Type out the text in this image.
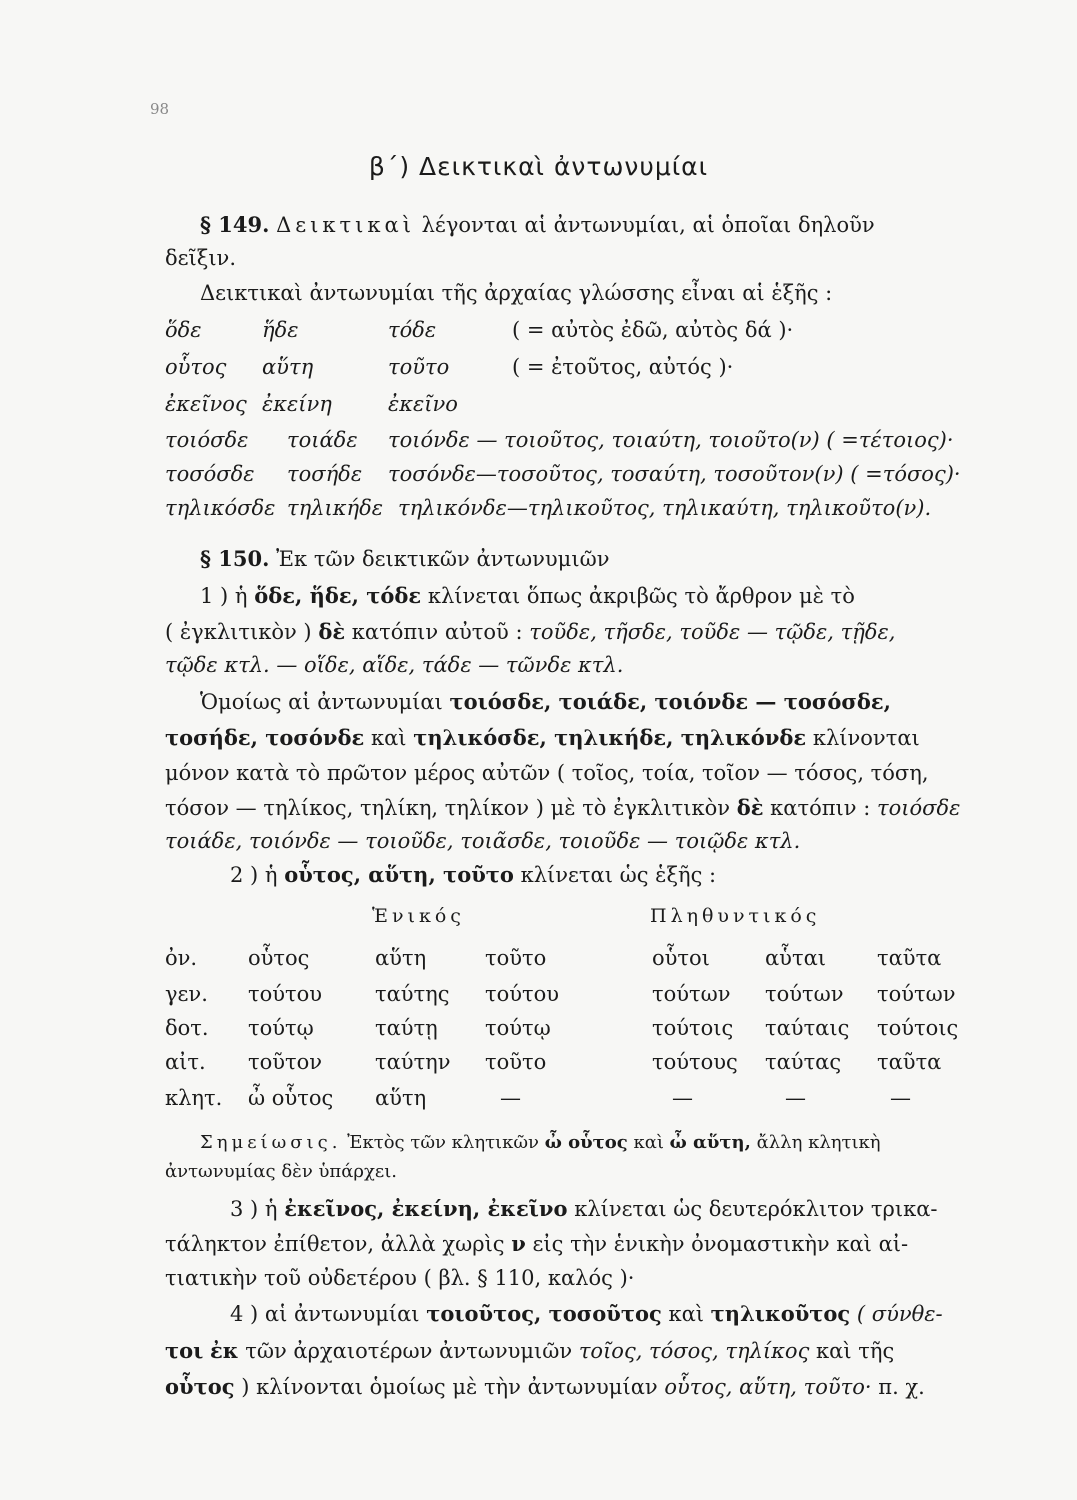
98
β΄) Δεικτικαὶ ἀντωνυμίαι
§ 149. Δεικτικαὶ λέγονται αἱ ἀντωνυμίαι, αἱ ὁποῖαι δηλοῦν
δεῖξιν.
Δεικτικαὶ ἀντωνυμίαι τῆς ἀρχαίας γλώσσης εἶναι αἱ ἑξῆς :
ὅδε	ἥδε	τόδε	( = αὐτὸς ἐδῶ, αὐτὸς δά )·
οὗτος αὕτη	τοῦτο	( = ἐτοῦτος, αὐτός )·
ἐκεῖνος ἐκείνη	ἐκεῖνο
τοιόσδε τοιάδε τοιόνδε — τοιοῦτος, τοιαύτη, τοιοῦτο(ν) ( =τέτοιος)·
τοσόσδε τοσήδε τοσόνδε—τοσοῦτος, τοσαύτη, τοσοῦτον(ν) ( =τόσος)·
τηλικόσδε τηλικήδε τηλικόνδε—τηλικοῦτος, τηλικαύτη, τηλικοῦτο(ν).
§ 150. Ἐκ τῶν δεικτικῶν ἀντωνυμιῶν
1 ) ἡ ὅδε, ἥδε, τόδε κλίνεται ὅπως ἀκριβῶς τὸ ἄρθρον μὲ τὸ
( ἐγκλιτικὸν ) δὲ κατόπιν αὐτοῦ : τοῦδε, τῆσδε, τοῦδε — τῷδε, τῇδε,
τῷδε κτλ. — οἵδε, αἵδε, τάδε — τῶνδε κτλ.
Ὁμοίως αἱ ἀντωνυμίαι τοιόσδε, τοιάδε, τοιόνδε — τοσόσδε,
τοσήδε, τοσόνδε καὶ τηλικόσδε, τηλικήδε, τηλικόνδε κλίνονται
μόνον κατὰ τὸ πρῶτον μέρος αὐτῶν ( τοῖος, τοία, τοῖον — τόσος, τόση,
τόσον — τηλίκος, τηλίκη, τηλίκον ) μὲ τὸ ἐγκλιτικὸν δὲ κατόπιν : τοιόσδε
τοιάδε, τοιόνδε — τοιοῦδε, τοιᾶσδε, τοιοῦδε — τοιῷδε κτλ.
2 ) ἡ οὗτος, αὕτη, τοῦτο κλίνεται ὡς ἑξῆς :
Ἑνικός	Πληθυντικός
ὀν. οὗτος	αὕτη	τοῦτο	οὗτοι	αὗται ταῦτα
γεν. τούτου	ταύτης τούτου	τούτων τούτων τούτων
δοτ. τούτῳ	ταύτῃ τούτῳ	τούτοις ταύταις τούτοις
αἰτ. τοῦτον	ταύτην τοῦτο	τούτους ταύτας ταῦτα
κλητ. ὦ οὗτος αὕτη	—	—	—	—
Σημείωσις. Ἐκτὸς τῶν κλητικῶν ὦ οὗτος καὶ ὦ αὕτη, ἄλλη κλητικὴ
ἀντωνυμίας δὲν ὑπάρχει.
3 ) ἡ ἐκεῖνος, ἐκείνη, ἐκεῖνο κλίνεται ὡς δευτερόκλιτον τρικα-
τάληκτον ἐπίθετον, ἀλλὰ χωρὶς ν εἰς τὴν ἑνικὴν ὀνομαστικὴν καὶ αἰ-
τιατικὴν τοῦ οὐδετέρου ( βλ. § 110, καλός )·
4 ) αἱ ἀντωνυμίαι τοιοῦτος, τοσοῦτος καὶ τηλικοῦτος ( σύνθε-
τοι ἐκ τῶν ἀρχαιοτέρων ἀντωνυμιῶν τοῖος, τόσος, τηλίκος καὶ τῆς
οὗτος ) κλίνονται ὁμοίως μὲ τὴν ἀντωνυμίαν οὗτος, αὕτη, τοῦτο· π. χ.
